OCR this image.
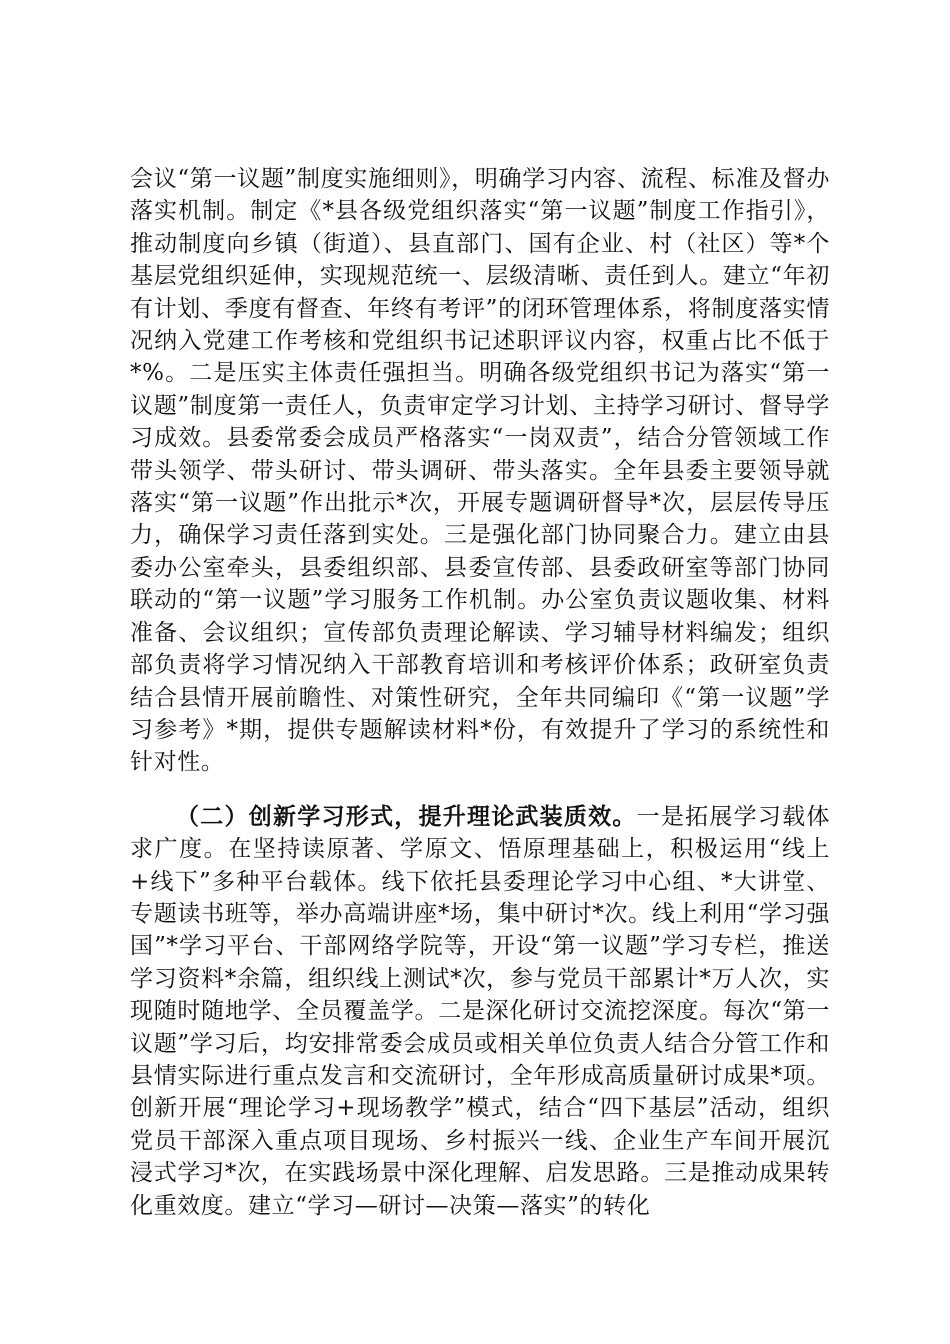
会议“第一议题”制度实施细则》，明确学习内容、流程、标准及督办落实机制。制定《*县各级党组织落实“第一议题”制度工作指引》，推动制度向乡镇（街道）、县直部门、国有企业、村（社区）等*个基层党组织延伸，实现规范统一、层级清晰、责任到人。建立“年初有计划、季度有督查、年终有考评”的闭环管理体系，将制度落实情况纳入党建工作考核和党组织书记述职评议内容，权重占比不低于*%。二是压实主体责任强担当。明确各级党组织书记为落实“第一议题”制度第一责任人，负责审定学习计划、主持学习研讨、督导学习成效。县委常委会成员严格落实“一岗双责”，结合分管领域工作带头领学、带头研讨、带头调研、带头落实。全年县委主要领导就落实“第一议题”作出批示*次，开展专题调研督导*次，层层传导压力，确保学习责任落到实处。三是强化部门协同聚合力。建立由县委办公室牵头，县委组织部、县委宣传部、县委政研室等部门协同联动的“第一议题”学习服务工作机制。办公室负责议题收集、材料准备、会议组织；宣传部负责理论解读、学习辅导材料编发；组织部负责将学习情况纳入干部教育培训和考核评价体系；政研室负责结合县情开展前瞻性、对策性研究，全年共同编印《“第一议题”学习参考》*期，提供专题解读材料*份，有效提升了学习的系统性和针对性。

（二）创新学习形式，提升理论武装质效。一是拓展学习载体求广度。在坚持读原著、学原文、悟原理基础上，积极运用“线上+线下”多种平台载体。线下依托县委理论学习中心组、*大讲堂、专题读书班等，举办高端讲座*场，集中研讨*次。线上利用“学习强国”*学习平台、干部网络学院等，开设“第一议题”学习专栏，推送学习资料*余篇，组织线上测试*次，参与党员干部累计*万人次，实现随时随地学、全员覆盖学。二是深化研讨交流挖深度。每次“第一议题”学习后，均安排常委会成员或相关单位负责人结合分管工作和县情实际进行重点发言和交流研讨，全年形成高质量研讨成果*项。创新开展“理论学习+现场教学”模式，结合“四下基层”活动，组织党员干部深入重点项目现场、乡村振兴一线、企业生产车间开展沉浸式学习*次，在实践场景中深化理解、启发思路。三是推动成果转化重效度。建立“学习—研讨—决策—落实”的转化
